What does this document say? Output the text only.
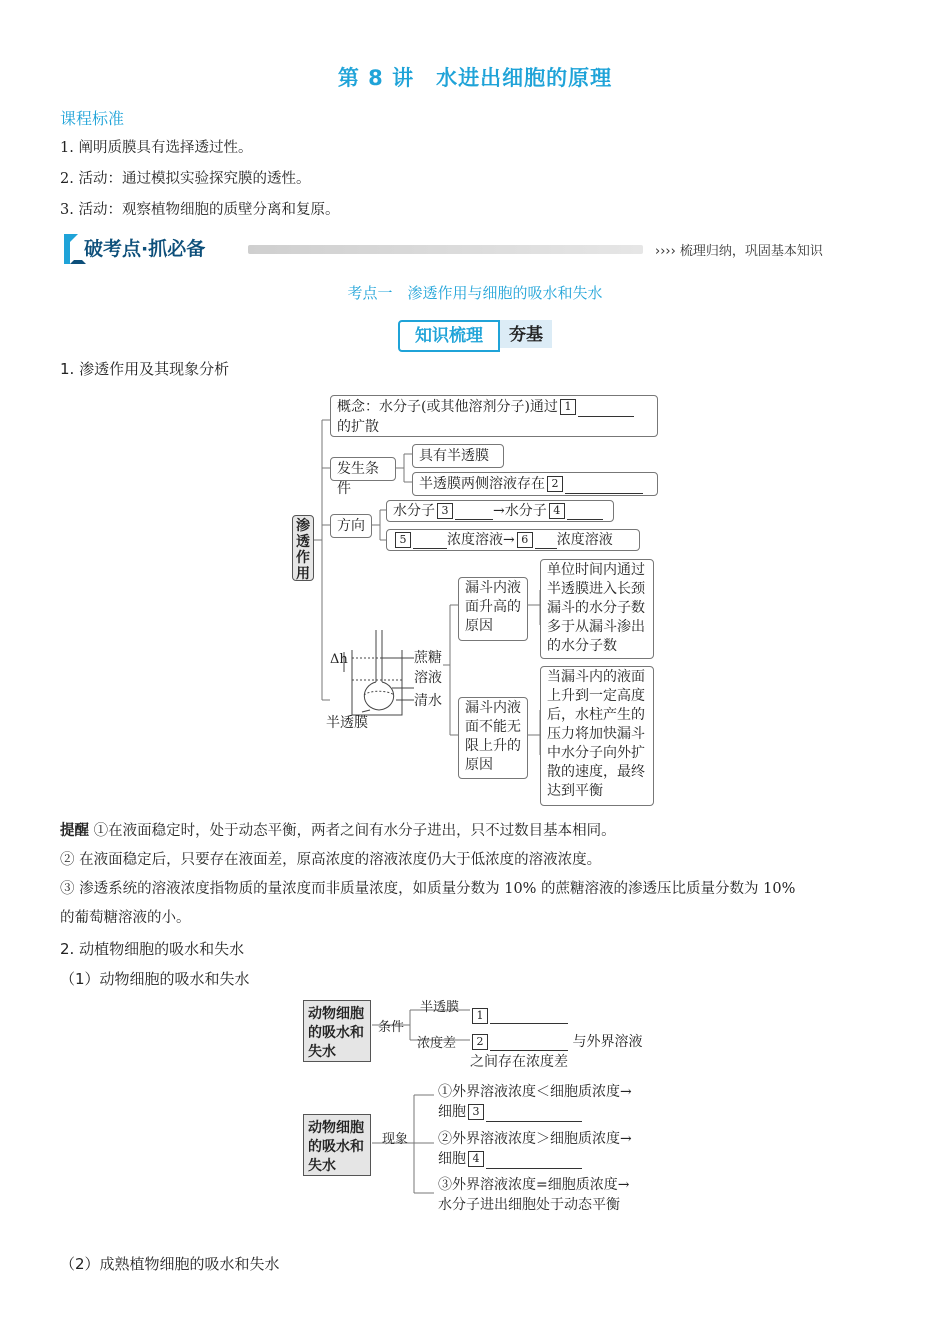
第 8 讲　水进出细胞的原理
课程标准
1. 阐明质膜具有选择透过性。
2. 活动：通过模拟实验探究膜的透性。
3. 活动：观察植物细胞的质壁分离和复原。
破考点·抓必备	›››› 梳理归纳，巩固基本知识
考点一　渗透作用与细胞的吸水和失水
知识梳理	夯基
1. 渗透作用及其现象分析
渗透作用
概念：水分子(或其他溶剂分子)通过 1
的扩散
发生条件
具有半透膜
半透膜两侧溶液存在 2
方向
水分子 3	→水分子 4
5	浓度溶液→ 6 浓度溶液
Δh	蔗糖溶液
清水
半透膜
漏斗内液面升高的原因
单位时间内通过半透膜进入长颈漏斗的水分子数多于从漏斗渗出的水分子数
漏斗内液面不能无限上升的原因
当漏斗内的液面上升到一定高度后，水柱产生的压力将加快漏斗中水分子向外扩散的速度，最终达到平衡
提醒 ①在液面稳定时，处于动态平衡，两者之间有水分子进出，只不过数目基本相同。
② 在液面稳定后，只要存在液面差，原高浓度的溶液浓度仍大于低浓度的溶液浓度。
③ 渗透系统的溶液浓度指物质的量浓度而非质量浓度，如质量分数为 10% 的蔗糖溶液的渗透压比质量分数为 10%
的葡萄糖溶液的小。
2. 动植物细胞的吸水和失水
（1）动物细胞的吸水和失水
动物细胞的吸水和失水
条件
半透膜
浓度差
1
2	与外界溶液
之间存在浓度差
动物细胞的吸水和失水
现象
①外界溶液浓度＜细胞质浓度→
细胞 3
②外界溶液浓度＞细胞质浓度→
细胞 4
③外界溶液浓度=细胞质浓度→
水分子进出细胞处于动态平衡
（2）成熟植物细胞的吸水和失水
